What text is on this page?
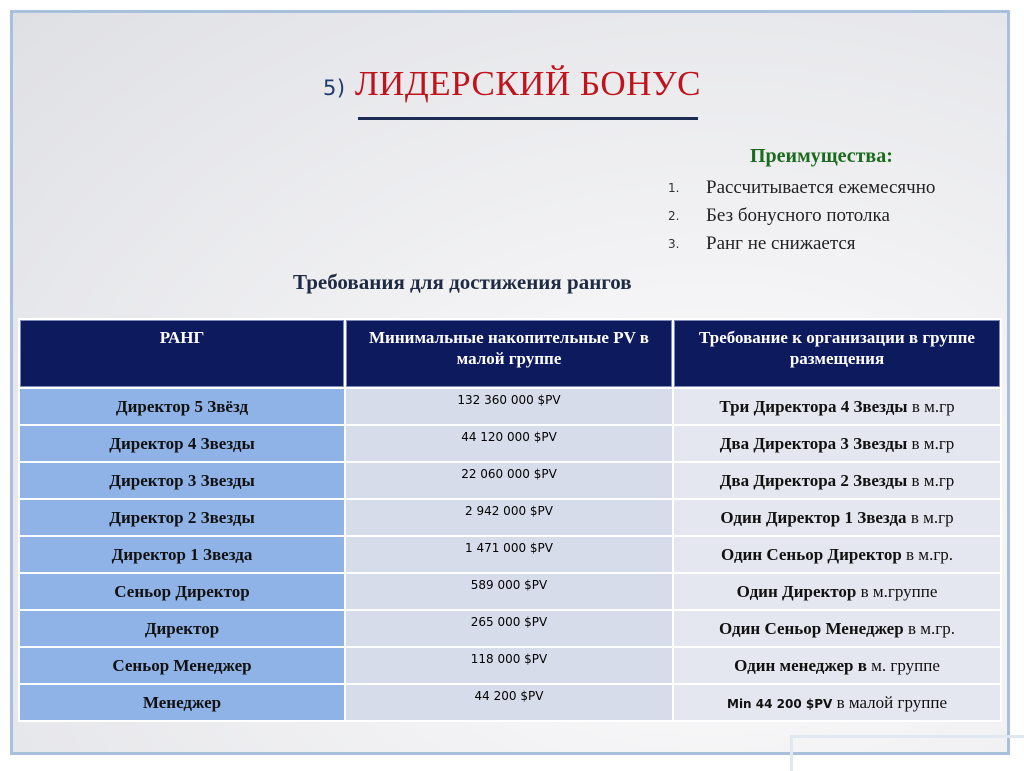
5) ЛИДЕРСКИЙ БОНУС
Преимущества:
1.	Рассчитывается ежемесячно
2.	Без бонусного потолка
3.	Ранг не снижается
Требования для достижения рангов
РАНГ	Минимальные накопительные PV в малой группе	Требование к организации в группе размещения
Директор 5 Звёзд	132 360 000 $PV	Три Директора 4 Звезды в м.гр
Директор 4 Звезды	44 120 000 $PV	Два Директора 3 Звезды в м.гр
Директор 3 Звезды	22 060 000 $PV	Два Директора 2 Звезды в м.гр
Директор 2 Звезды	2 942 000 $PV	Один Директор 1 Звезда в м.гр
Директор 1 Звезда	1 471 000 $PV	Один Сеньор Директор в м.гр.
Сеньор Директор	589 000 $PV	Один Директор в м.группе
Директор	265 000 $PV	Один Сеньор Менеджер в м.гр.
Сеньор Менеджер	118 000 $PV	Один менеджер в м. группе
Менеджер	44 200 $PV	Min 44 200 $PV в малой группе
